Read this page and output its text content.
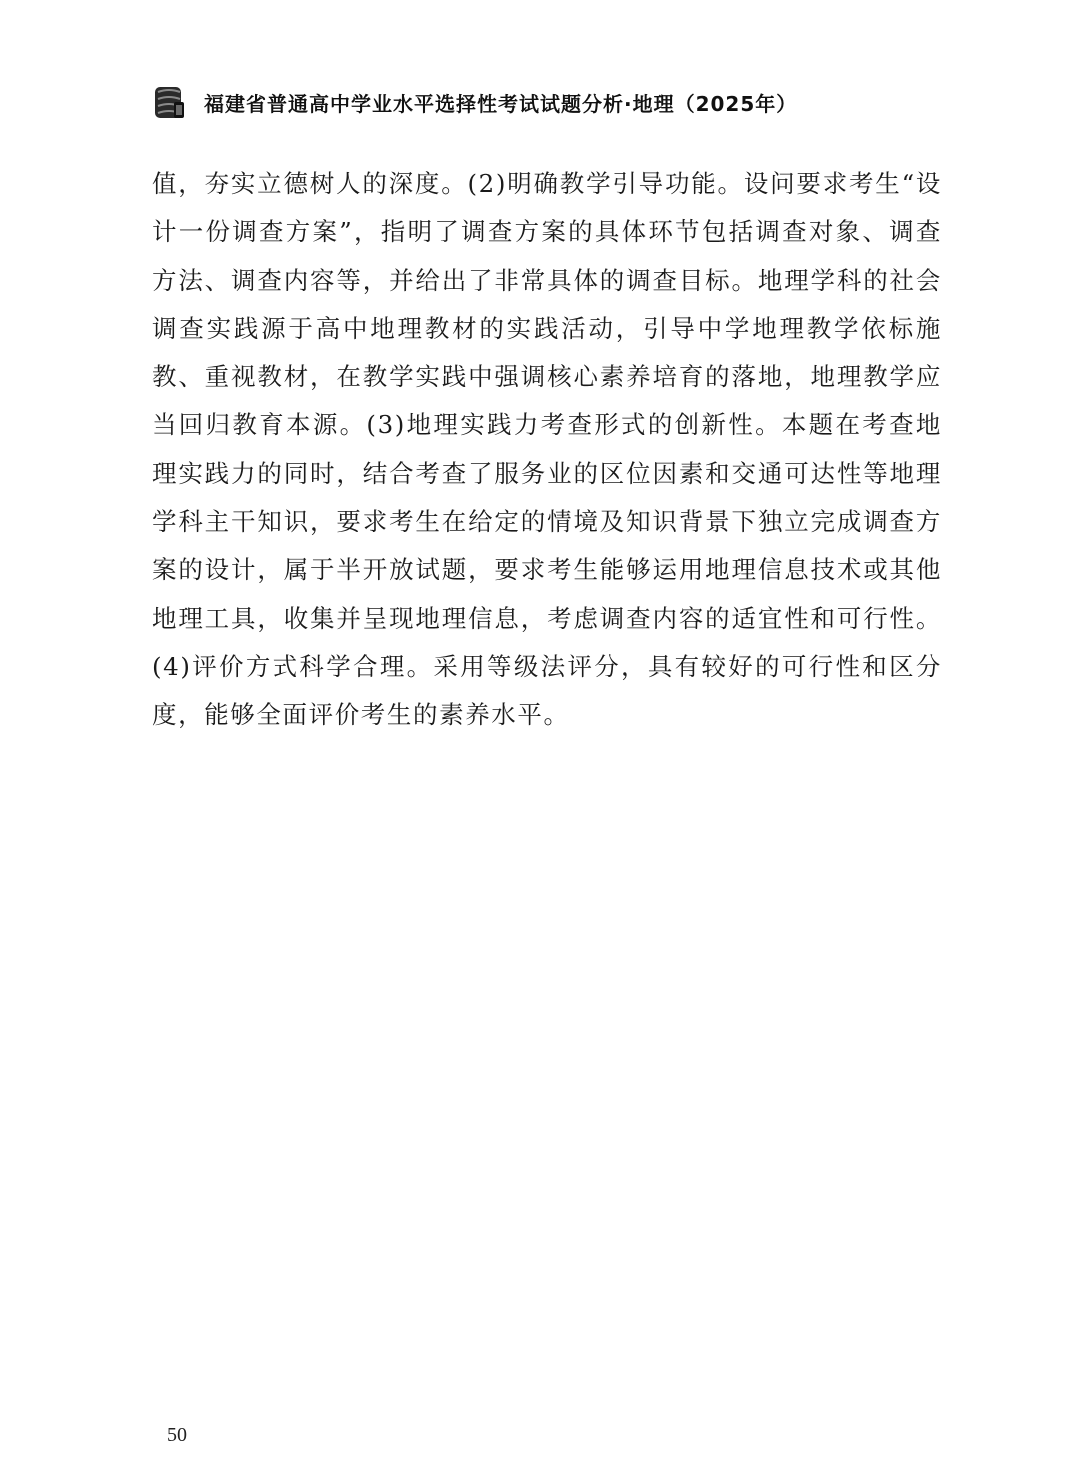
福建省普通高中学业水平选择性考试试题分析·地理（2025年）

值，夯实立德树人的深度。(2)明确教学引导功能。设问要求考生“设计一份调查方案”，指明了调查方案的具体环节包括调查对象、调查方法、调查内容等，并给出了非常具体的调查目标。地理学科的社会调查实践源于高中地理教材的实践活动，引导中学地理教学依标施教、重视教材，在教学实践中强调核心素养培育的落地，地理教学应当回归教育本源。(3)地理实践力考查形式的创新性。本题在考查地理实践力的同时，结合考查了服务业的区位因素和交通可达性等地理学科主干知识，要求考生在给定的情境及知识背景下独立完成调查方案的设计，属于半开放试题，要求考生能够运用地理信息技术或其他地理工具，收集并呈现地理信息，考虑调查内容的适宜性和可行性。(4)评价方式科学合理。采用等级法评分，具有较好的可行性和区分度，能够全面评价考生的素养水平。

50
